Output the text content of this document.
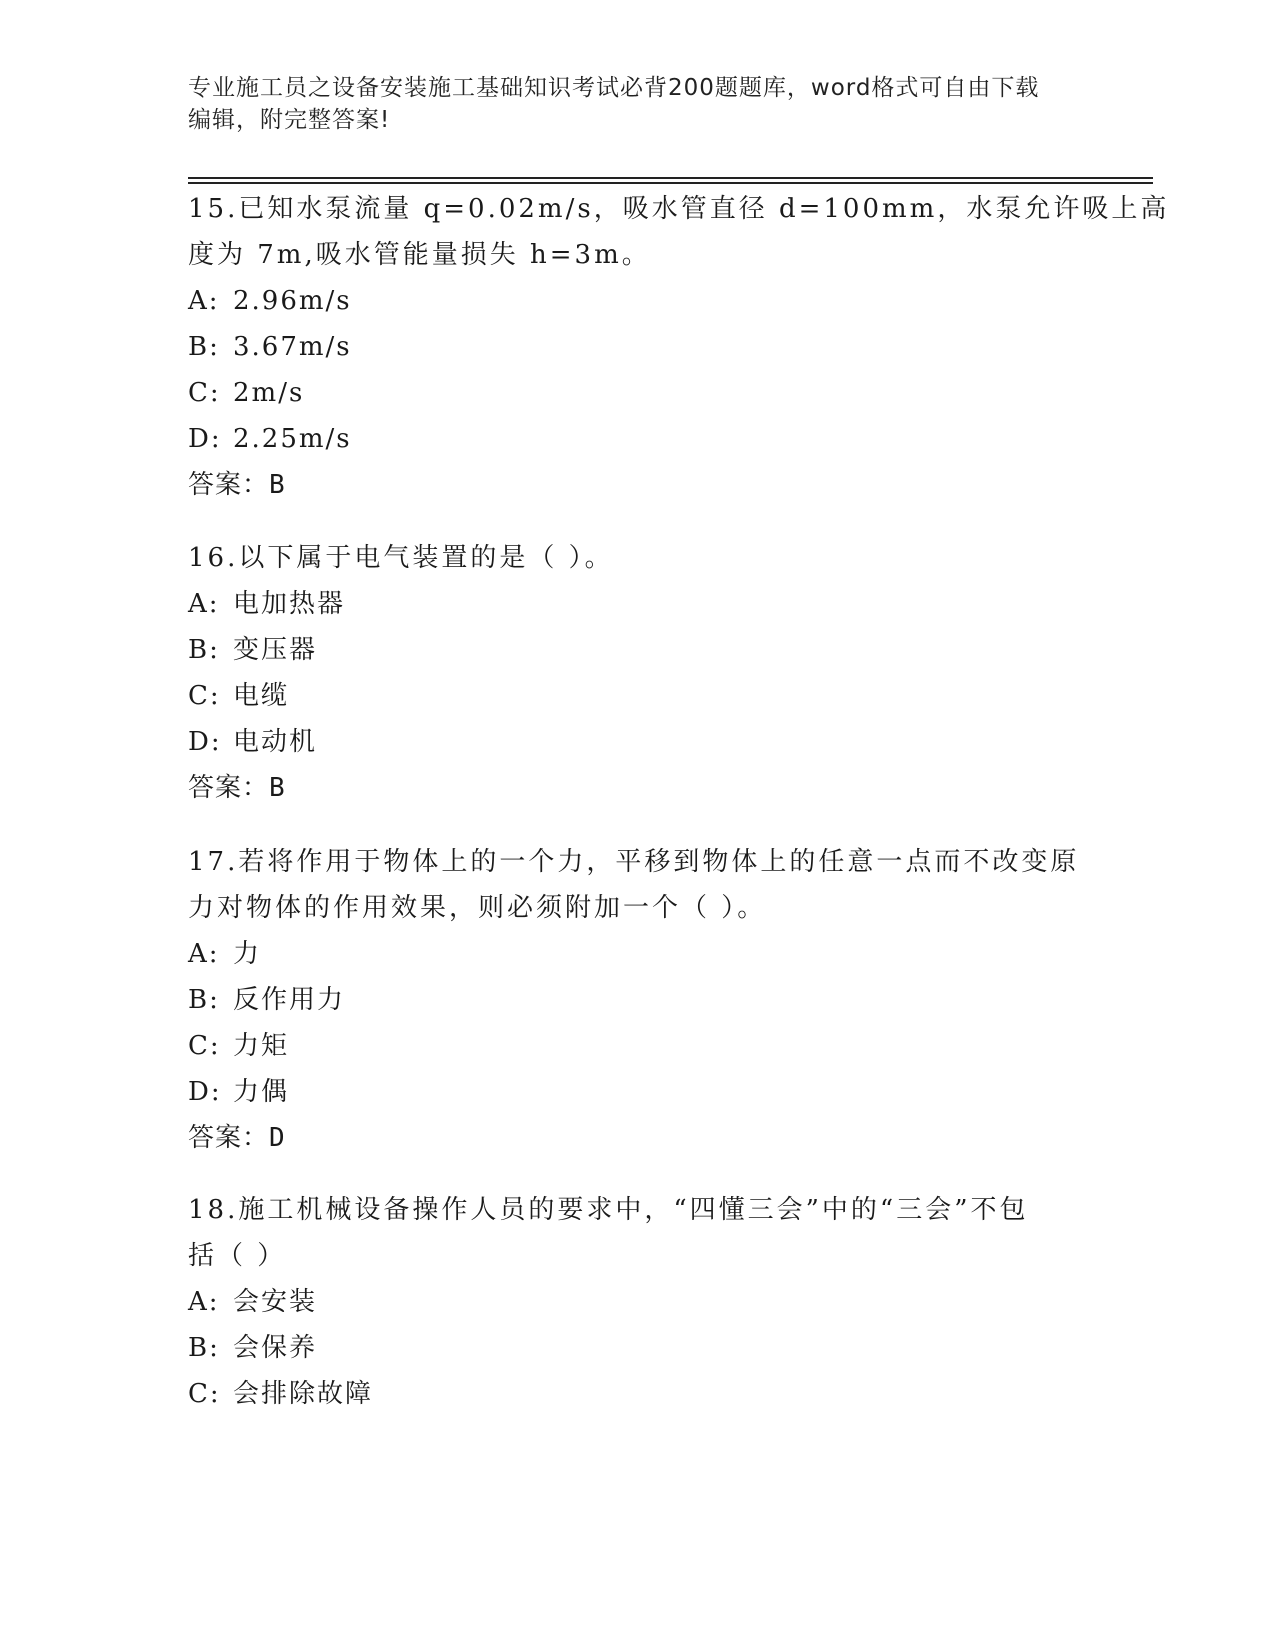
专业施工员之设备安装施工基础知识考试必背200题题库，word格式可自由下载
编辑，附完整答案!
15.已知水泵流量 q=0.02m/s，吸水管直径 d=100mm，水泵允许吸上高
度为 7m,吸水管能量损失 h=3m。
A: 2.96m/s
B: 3.67m/s
C: 2m/s
D: 2.25m/s
答案：B
16.以下属于电气装置的是（ ）。
A: 电加热器
B: 变压器
C: 电缆
D: 电动机
答案：B
17.若将作用于物体上的一个力，平移到物体上的任意一点而不改变原
力对物体的作用效果，则必须附加一个（ ）。
A: 力
B: 反作用力
C: 力矩
D: 力偶
答案：D
18.施工机械设备操作人员的要求中，“四懂三会”中的“三会”不包
括（ ）
A: 会安装
B: 会保养
C: 会排除故障
